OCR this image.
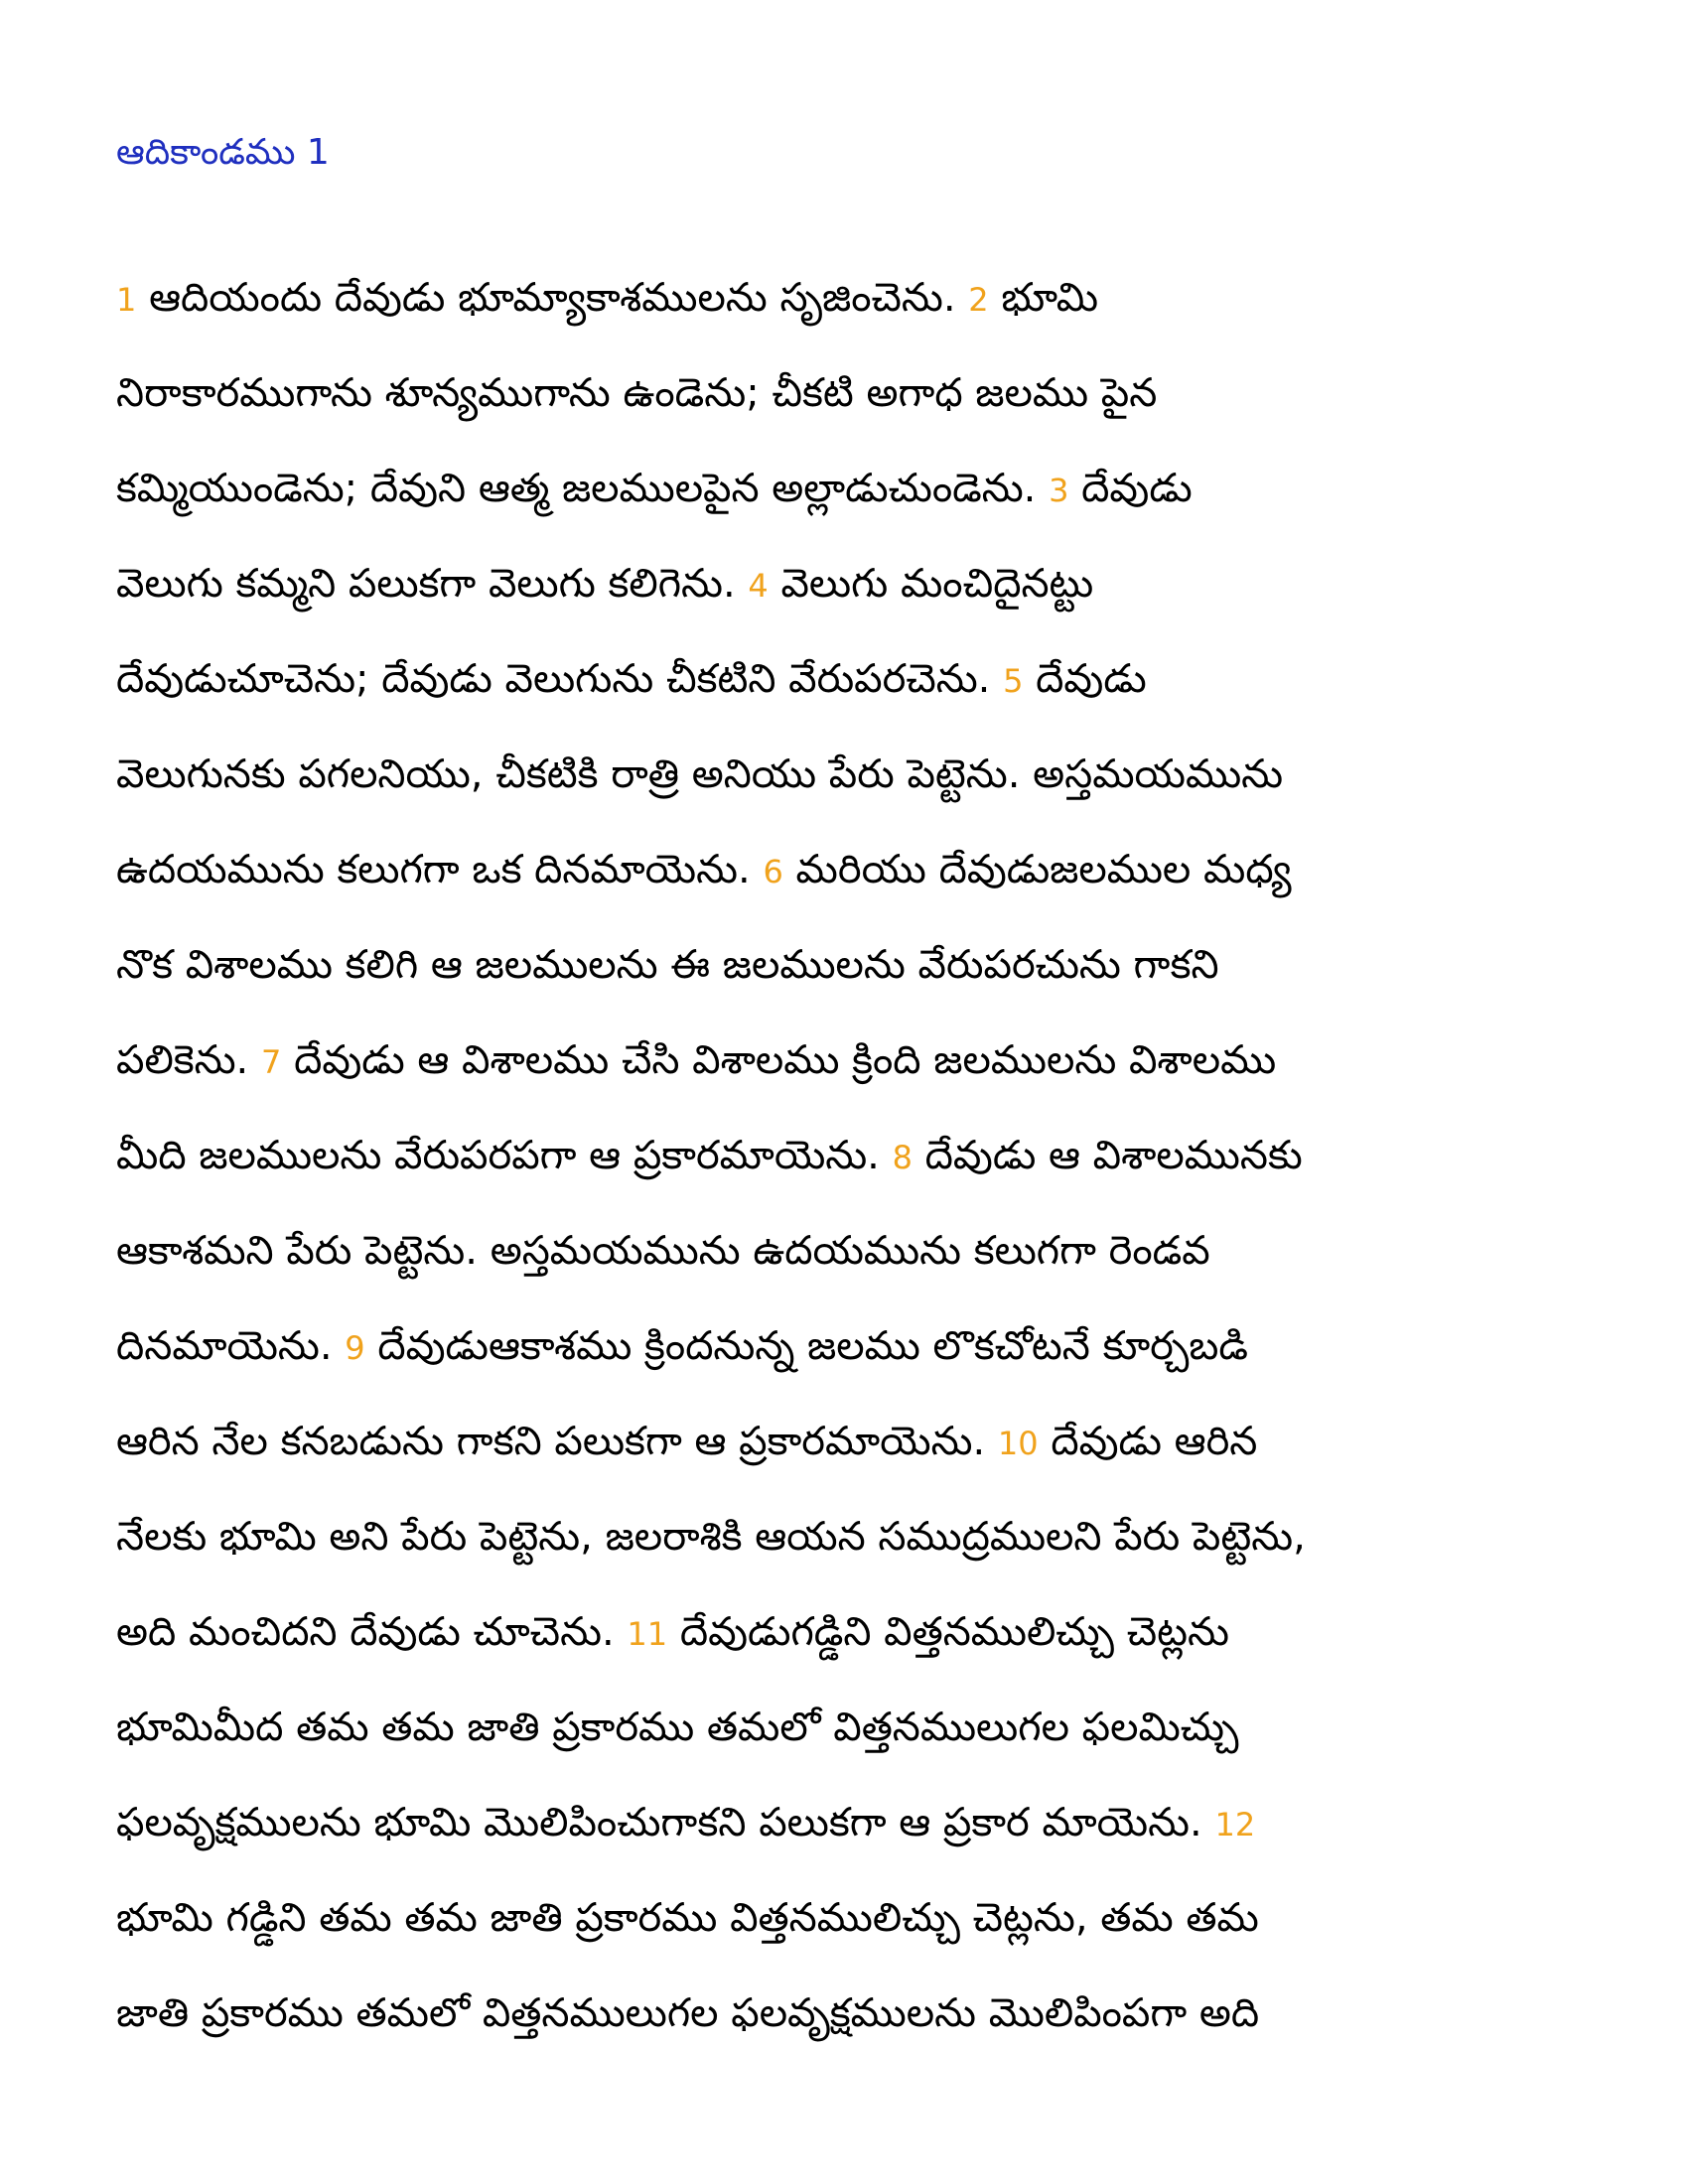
ఆదికాండము 1
1 ఆదియందు దేవుడు భూమ్యాకాశములను సృజించెను. 2 భూమి
నిరాకారముగాను శూన్యముగాను ఉండెను; చీకటి అగాధ జలము పైన
కమ్మియుండెను; దేవుని ఆత్మ జలములపైన అల్లాడుచుండెను. 3 దేవుడు
వెలుగు కమ్మని పలుకగా వెలుగు కలిగెను. 4 వెలుగు మంచిదైనట్టు
దేవుడుచూచెను; దేవుడు వెలుగును చీకటిని వేరుపరచెను. 5 దేవుడు
వెలుగునకు పగలనియు, చీకటికి రాత్రి అనియు పేరు పెట్టెను. అస్తమయమును
ఉదయమును కలుగగా ఒక దినమాయెను. 6 మరియు దేవుడుజలముల మధ్య
నొక విశాలము కలిగి ఆ జలములను ఈ జలములను వేరుపరచును గాకని
పలికెను. 7 దేవుడు ఆ విశాలము చేసి విశాలము క్రింది జలములను విశాలము
మీది జలములను వేరుపరపగా ఆ ప్రకారమాయెను. 8 దేవుడు ఆ విశాలమునకు
ఆకాశమని పేరు పెట్టెను. అస్తమయమును ఉదయమును కలుగగా రెండవ
దినమాయెను. 9 దేవుడుఆకాశము క్రిందనున్న జలము లొకచోటనే కూర్చబడి
ఆరిన నేల కనబడును గాకని పలుకగా ఆ ప్రకారమాయెను. 10 దేవుడు ఆరిన
నేలకు భూమి అని పేరు పెట్టెను, జలరాశికి ఆయన సముద్రములని పేరు పెట్టెను,
అది మంచిదని దేవుడు చూచెను. 11 దేవుడుగడ్డిని విత్తనములిచ్చు చెట్లను
భూమిమీద తమ తమ జాతి ప్రకారము తమలో విత్తనములుగల ఫలమిచ్చు
ఫలవృక్షములను భూమి మొలిపించుగాకని పలుకగా ఆ ప్రకార మాయెను. 12
భూమి గడ్డిని తమ తమ జాతి ప్రకారము విత్తనములిచ్చు చెట్లను, తమ తమ
జాతి ప్రకారము తమలో విత్తనములుగల ఫలవృక్షములను మొలిపింపగా అది
